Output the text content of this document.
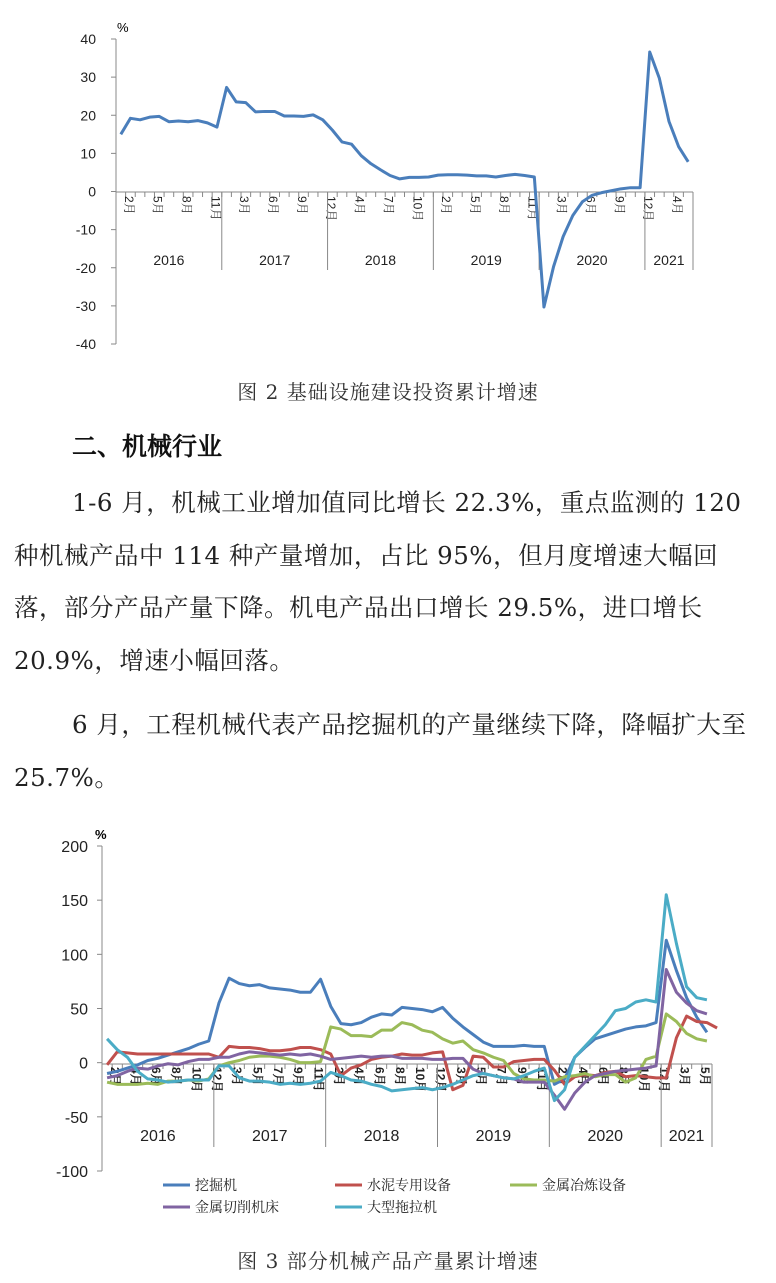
%
40
30
20
10
0
-10
-20
-30
-40
2月 5月 8月 11月 3月 6月 9月 12月 4月 7月 10月 2月 5月 8月 11月 3月 6月 9月 12月 4月
2016	2017	2018	2019	2020	2021
图 2 基础设施建设投资累计增速
二、机械行业

1-6 月，机械工业增加值同比增长 22.3%，重点监测的 120 种机械产品中 114 种产量增加，占比 95%，但月度增速大幅回落，部分产品产量下降。机电产品出口增长 29.5%，进口增长 20.9%，增速小幅回落。

6 月，工程机械代表产品挖掘机的产量继续下降，降幅扩大至 25.7%。

%
200
150
100
50
0
-50
-100
2月 4月 6月 8月 10月 12月 3月 5月 7月 9月 11月 2月 4月 6月 8月 10月 12月 3月 5月 7月 9月 11月 2月 4月 6月 8月 10月 12月 3月 5月
2016	2017	2018	2019	2020	2021
挖掘机	水泥专用设备	金属冶炼设备
金属切削机床	大型拖拉机
图 3 部分机械产品产量累计增速
